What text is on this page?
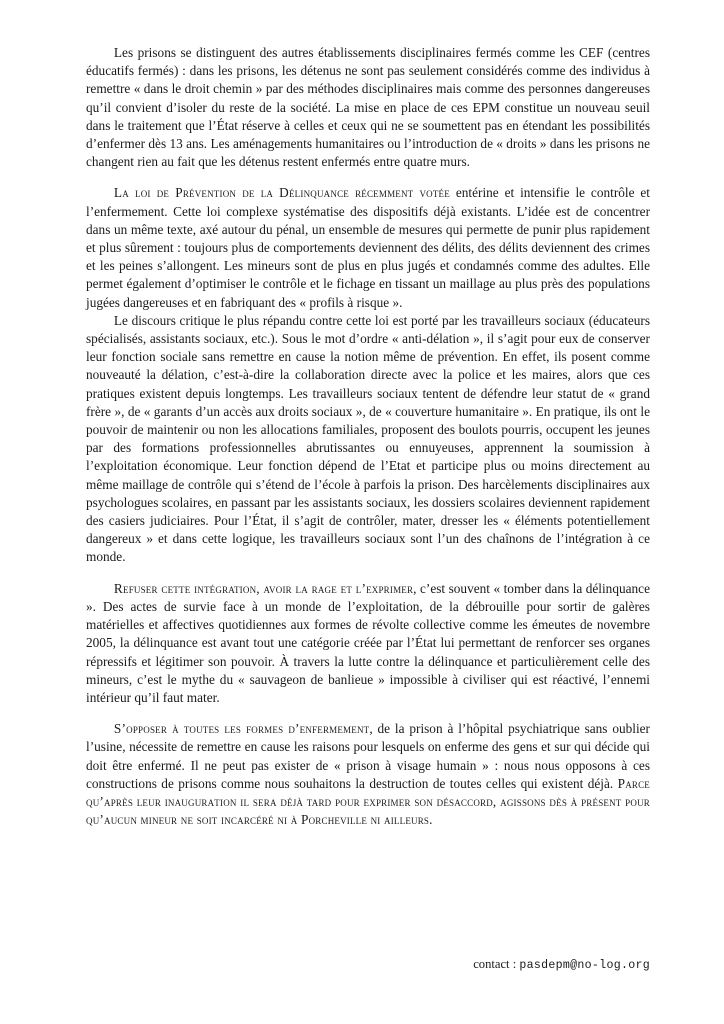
Les prisons se distinguent des autres établissements disciplinaires fermés comme les CEF (centres éducatifs fermés) : dans les prisons, les détenus ne sont pas seulement considérés comme des individus à remettre « dans le droit chemin » par des méthodes disciplinaires mais comme des personnes dangereuses qu’il convient d’isoler du reste de la société. La mise en place de ces EPM constitue un nouveau seuil dans le traitement que l’État réserve à celles et ceux qui ne se soumettent pas en étendant les possibilités d’enfermer dès 13 ans. Les aménagements humanitaires ou l’introduction de « droits » dans les prisons ne changent rien au fait que les détenus restent enfermés entre quatre murs.

La loi de Prévention de la Délinquance récemment votée entérine et intensifie le contrôle et l’enfermement. Cette loi complexe systématise des dispositifs déjà existants. L’idée est de concentrer dans un même texte, axé autour du pénal, un ensemble de mesures qui permette de punir plus rapidement et plus sûrement : toujours plus de comportements deviennent des délits, des délits deviennent des crimes et les peines s’allongent. Les mineurs sont de plus en plus jugés et condamnés comme des adultes. Elle permet également d’optimiser le contrôle et le fichage en tissant un maillage au plus près des populations jugées dangereuses et en fabriquant des « profils à risque ».

Le discours critique le plus répandu contre cette loi est porté par les travailleurs sociaux (éducateurs spécialisés, assistants sociaux, etc.). Sous le mot d’ordre « anti-délation », il s’agit pour eux de conserver leur fonction sociale sans remettre en cause la notion même de prévention. En effet, ils posent comme nouveauté la délation, c’est-à-dire la collaboration directe avec la police et les maires, alors que ces pratiques existent depuis longtemps. Les travailleurs sociaux tentent de défendre leur statut de « grand frère », de « garants d’un accès aux droits sociaux », de « couverture humanitaire ». En pratique, ils ont le pouvoir de maintenir ou non les allocations familiales, proposent des boulots pourris, occupent les jeunes par des formations professionnelles abrutissantes ou ennuyeuses, apprennent la soumission à l’exploitation économique. Leur fonction dépend de l’Etat et participe plus ou moins directement au même maillage de contrôle qui s’étend de l’école à parfois la prison. Des harcèlements disciplinaires aux psychologues scolaires, en passant par les assistants sociaux, les dossiers scolaires deviennent rapidement des casiers judiciaires. Pour l’État, il s’agit de contrôler, mater, dresser les « éléments potentiellement dangereux » et dans cette logique, les travailleurs sociaux sont l’un des chaînons de l’intégration à ce monde.

Refuser cette intégration, avoir la rage et l’exprimer, c’est souvent « tomber dans la délinquance ». Des actes de survie face à un monde de l’exploitation, de la débrouille pour sortir de galères matérielles et affectives quotidiennes aux formes de révolte collective comme les émeutes de novembre 2005, la délinquance est avant tout une catégorie créée par l’État lui permettant de renforcer ses organes répressifs et légitimer son pouvoir. À travers la lutte contre la délinquance et particulièrement celle des mineurs, c’est le mythe du « sauvageon de banlieue » impossible à civiliser qui est réactivé, l’ennemi intérieur qu’il faut mater.

S’opposer à toutes les formes d’enfermement, de la prison à l’hôpital psychiatrique sans oublier l’usine, nécessite de remettre en cause les raisons pour lesquels on enferme des gens et sur qui décide qui doit être enfermé. Il ne peut pas exister de « prison à visage humain » : nous nous opposons à ces constructions de prisons comme nous souhaitons la destruction de toutes celles qui existent déjà. Parce qu’après leur inauguration il sera déjà tard pour exprimer son désaccord, agissons dès à présent pour qu’aucun mineur ne soit incarcéré ni à Porcheville ni ailleurs.

contact : pasdepm@no-log.org
